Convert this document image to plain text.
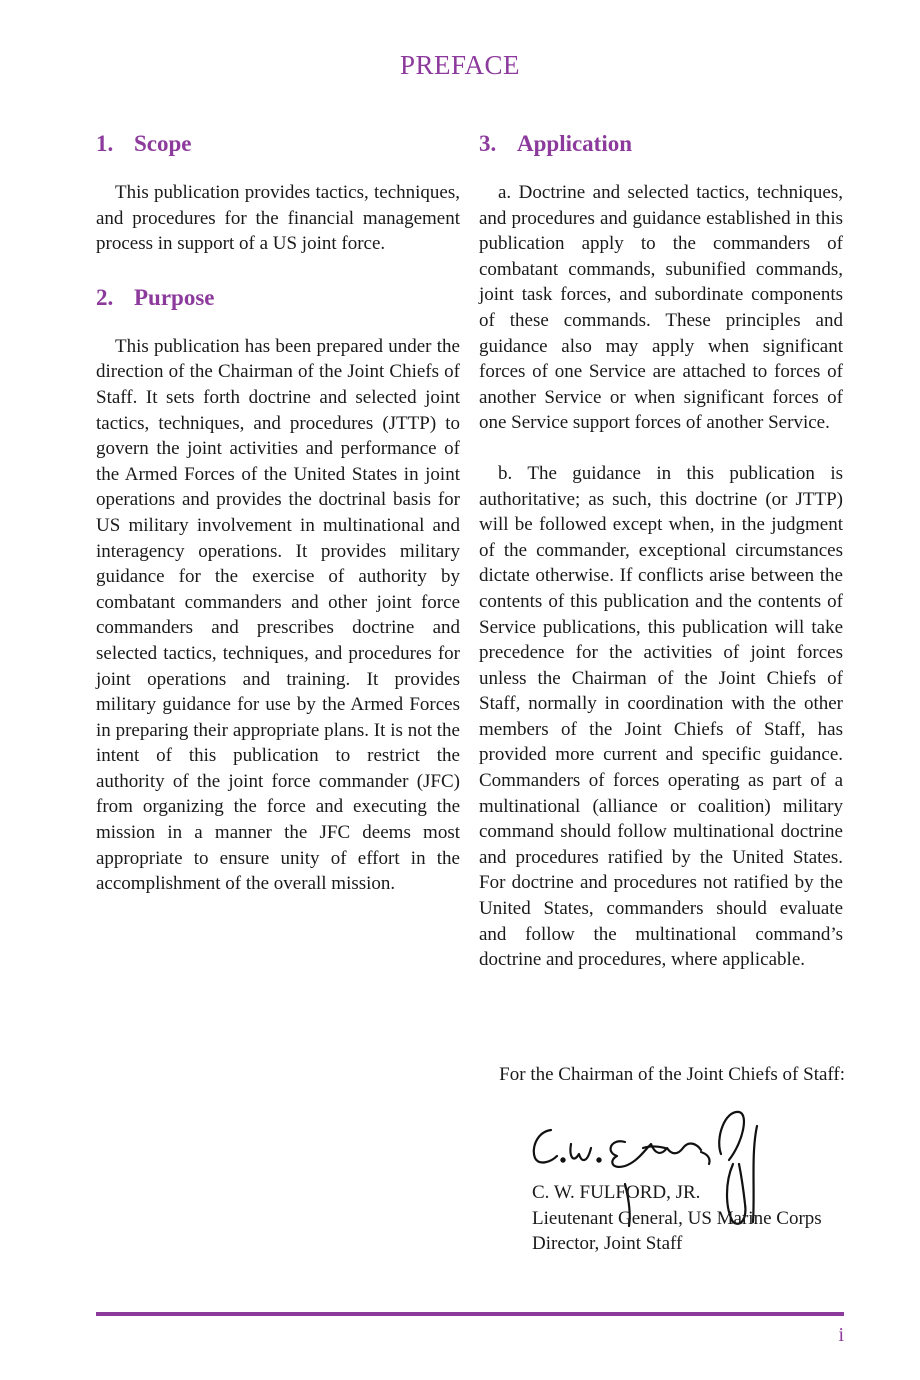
PREFACE
1. Scope

This publication provides tactics, techniques, and procedures for the financial management process in support of a US joint force.

2. Purpose

This publication has been prepared under the direction of the Chairman of the Joint Chiefs of Staff. It sets forth doctrine and selected joint tactics, techniques, and procedures (JTTP) to govern the joint activities and performance of the Armed Forces of the United States in joint operations and provides the doctrinal basis for US military involvement in multinational and interagency operations. It provides military guidance for the exercise of authority by combatant commanders and other joint force commanders and prescribes doctrine and selected tactics, techniques, and procedures for joint operations and training. It provides military guidance for use by the Armed Forces in preparing their appropriate plans. It is not the intent of this publication to restrict the authority of the joint force commander (JFC) from organizing the force and executing the mission in a manner the JFC deems most appropriate to ensure unity of effort in the accomplishment of the overall mission.

3. Application

a. Doctrine and selected tactics, techniques, and procedures and guidance established in this publication apply to the commanders of combatant commands, subunified commands, joint task forces, and subordinate components of these commands. These principles and guidance also may apply when significant forces of one Service are attached to forces of another Service or when significant forces of one Service support forces of another Service.

b. The guidance in this publication is authoritative; as such, this doctrine (or JTTP) will be followed except when, in the judgment of the commander, exceptional circumstances dictate otherwise. If conflicts arise between the contents of this publication and the contents of Service publications, this publication will take precedence for the activities of joint forces unless the Chairman of the Joint Chiefs of Staff, normally in coordination with the other members of the Joint Chiefs of Staff, has provided more current and specific guidance. Commanders of forces operating as part of a multinational (alliance or coalition) military command should follow multinational doctrine and procedures ratified by the United States. For doctrine and procedures not ratified by the United States, commanders should evaluate and follow the multinational command’s doctrine and procedures, where applicable.

For the Chairman of the Joint Chiefs of Staff:
C. W. FULFORD, JR.
Lieutenant General, US Marine Corps
Director, Joint Staff
i
